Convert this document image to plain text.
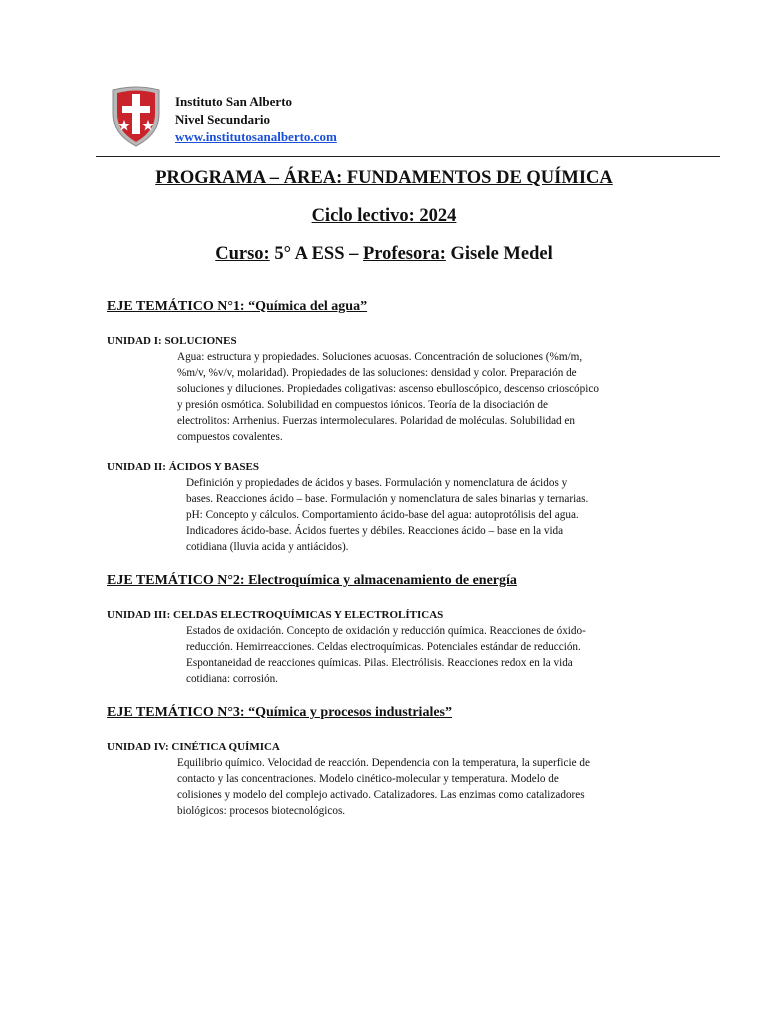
Instituto San Alberto
Nivel Secundario
www.institutosanalberto.com
PROGRAMA – ÁREA: FUNDAMENTOS DE QUÍMICA
Ciclo lectivo: 2024
Curso: 5° A ESS – Profesora: Gisele Medel
EJE TEMÁTICO N°1: “Química del agua”
UNIDAD I: SOLUCIONES
Agua: estructura y propiedades. Soluciones acuosas. Concentración de soluciones (%m/m,
%m/v, %v/v, molaridad). Propiedades de las soluciones: densidad y color. Preparación de
soluciones y diluciones. Propiedades coligativas: ascenso ebulloscópico, descenso crioscópico
y presión osmótica. Solubilidad en compuestos iónicos. Teoría de la disociación de
electrolitos: Arrhenius. Fuerzas intermoleculares. Polaridad de moléculas. Solubilidad en
compuestos covalentes.
UNIDAD II: ÁCIDOS Y BASES
Definición y propiedades de ácidos y bases. Formulación y nomenclatura de ácidos y
bases. Reacciones ácido – base. Formulación y nomenclatura de sales binarias y ternarias.
pH: Concepto y cálculos. Comportamiento ácido-base del agua: autoprotólisis del agua.
Indicadores ácido-base. Ácidos fuertes y débiles. Reacciones ácido – base en la vida
cotidiana (lluvia acida y antiácidos).
EJE TEMÁTICO N°2: Electroquímica y almacenamiento de energía
UNIDAD III: CELDAS ELECTROQUÍMICAS Y ELECTROLÍTICAS
Estados de oxidación. Concepto de oxidación y reducción química. Reacciones de óxido-
reducción. Hemirreacciones. Celdas electroquímicas. Potenciales estándar de reducción.
Espontaneidad de reacciones químicas. Pilas. Electrólisis. Reacciones redox en la vida
cotidiana: corrosión.
EJE TEMÁTICO N°3: “Química y procesos industriales”
UNIDAD IV: CINÉTICA QUÍMICA
Equilibrio químico. Velocidad de reacción. Dependencia con la temperatura, la superficie de
contacto y las concentraciones. Modelo cinético-molecular y temperatura. Modelo de
colisiones y modelo del complejo activado. Catalizadores. Las enzimas como catalizadores
biológicos: procesos biotecnológicos.
